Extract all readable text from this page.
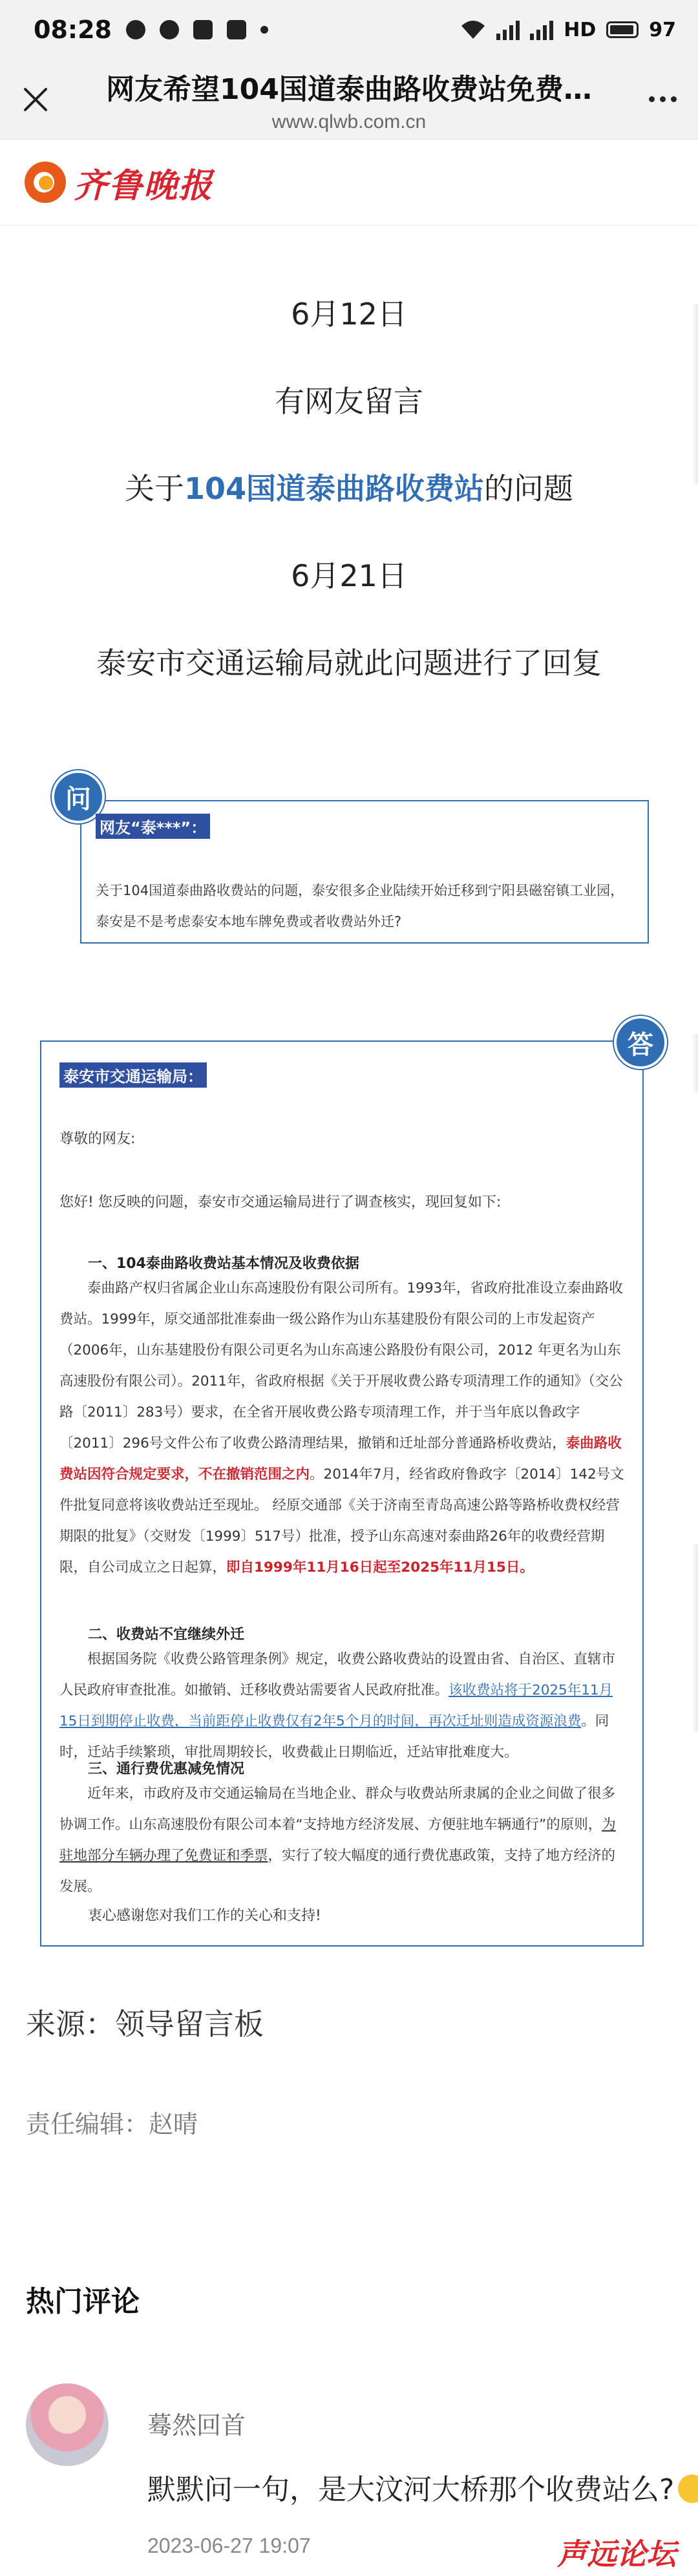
08:28	HD	97
网友希望104国道泰曲路收费站免费…
www.qlwb.com.cn
齐鲁晚报
6月12日
有网友留言
关于104国道泰曲路收费站的问题
6月21日
泰安市交通运输局就此问题进行了回复
问
网友“泰***”：
关于104国道泰曲路收费站的问题，泰安很多企业陆续开始迁移到宁阳县磁窑镇工业园，泰安是不是考虑泰安本地车牌免费或者收费站外迁?
答
泰安市交通运输局：
尊敬的网友:
您好! 您反映的问题，泰安市交通运输局进行了调查核实，现回复如下:
一、104泰曲路收费站基本情况及收费依据
泰曲路产权归省属企业山东高速股份有限公司所有。1993年，省政府批准设立泰曲路收费站。1999年，原交通部批准泰曲一级公路作为山东基建股份有限公司的上市发起资产（2006年，山东基建股份有限公司更名为山东高速公路股份有限公司，2012 年更名为山东高速股份有限公司）。2011年，省政府根据《关于开展收费公路专项清理工作的通知》（交公路〔2011〕283号）要求，在全省开展收费公路专项清理工作，并于当年底以鲁政字〔2011〕296号文件公布了收费公路清理结果，撤销和迁址部分普通路桥收费站，泰曲路收费站因符合规定要求，不在撤销范围之内。2014年7月，经省政府鲁政字〔2014〕142号文件批复同意将该收费站迁至现址。 经原交通部《关于济南至青岛高速公路等路桥收费权经营期限的批复》（交财发〔1999〕517号）批准，授予山东高速对泰曲路26年的收费经营期限，自公司成立之日起算，即自1999年11月16日起至2025年11月15日。
二、收费站不宜继续外迁
根据国务院《收费公路管理条例》规定，收费公路收费站的设置由省、自治区、直辖市人民政府审查批准。如撤销、迁移收费站需要省人民政府批准。该收费站将于2025年11月15日到期停止收费，当前距停止收费仅有2年5个月的时间，再次迁址则造成资源浪费。同时，迁站手续繁琐，审批周期较长，收费截止日期临近，迁站审批难度大。
三、通行费优惠减免情况
近年来，市政府及市交通运输局在当地企业、群众与收费站所隶属的企业之间做了很多协调工作。山东高速股份有限公司本着“支持地方经济发展、方便驻地车辆通行”的原则，为驻地部分车辆办理了免费证和季票，实行了较大幅度的通行费优惠政策，支持了地方经济的发展。
衷心感谢您对我们工作的关心和支持!
来源：领导留言板
责任编辑：赵晴
热门评论
蓦然回首
默默问一句，是大汶河大桥那个收费站么?
2023-06-27 19:07	声远论坛
